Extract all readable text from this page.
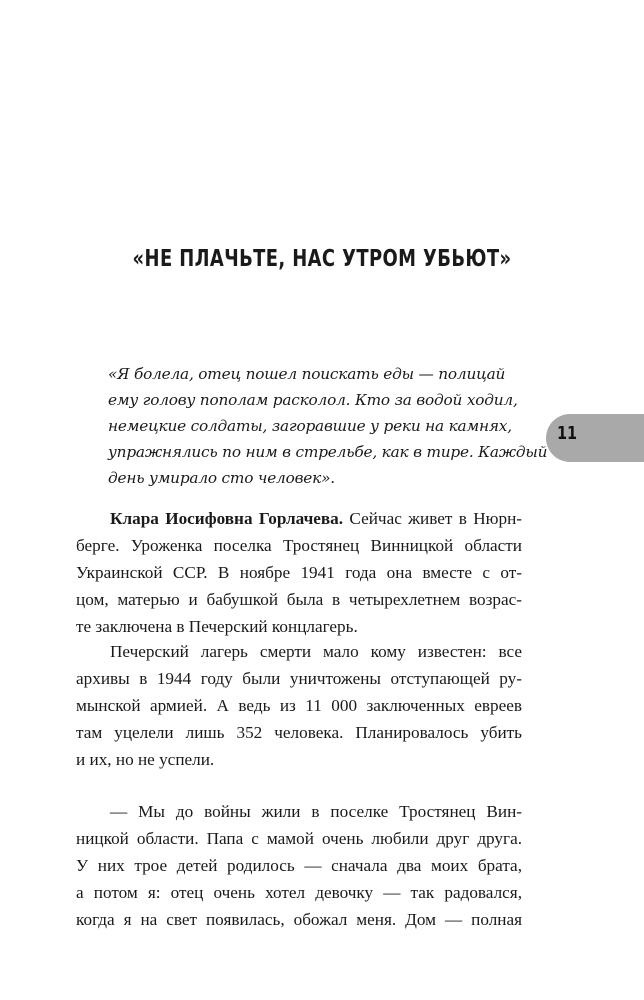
«НЕ ПЛАЧЬТЕ, НАС УТРОМ УБЬЮТ»
«Я болела, отец пошел поискать еды — полицай
ему голову пополам расколол. Кто за водой ходил,
немецкие солдаты, загоравшие у реки на камнях,
упражнялись по ним в стрельбе, как в тире. Каждый
день умирало сто человек».
11
Клара Иосифовна Горлачева. Сейчас живет в Нюрн-
берге. Уроженка поселка Тростянец Винницкой области
Украинской ССР. В ноябре 1941 года она вместе с от-
цом, матерью и бабушкой была в четырехлетнем возрас-
те заключена в Печерский концлагерь.
Печерский лагерь смерти мало кому известен: все
архивы в 1944 году были уничтожены отступающей ру-
мынской армией. А ведь из 11 000 заключенных евреев
там уцелели лишь 352 человека. Планировалось убить
и их, но не успели.
— Мы до войны жили в поселке Тростянец Вин-
ницкой области. Папа с мамой очень любили друг друга.
У них трое детей родилось — сначала два моих брата,
а потом я: отец очень хотел девочку — так радовался,
когда я на свет появилась, обожал меня. Дом — полная
